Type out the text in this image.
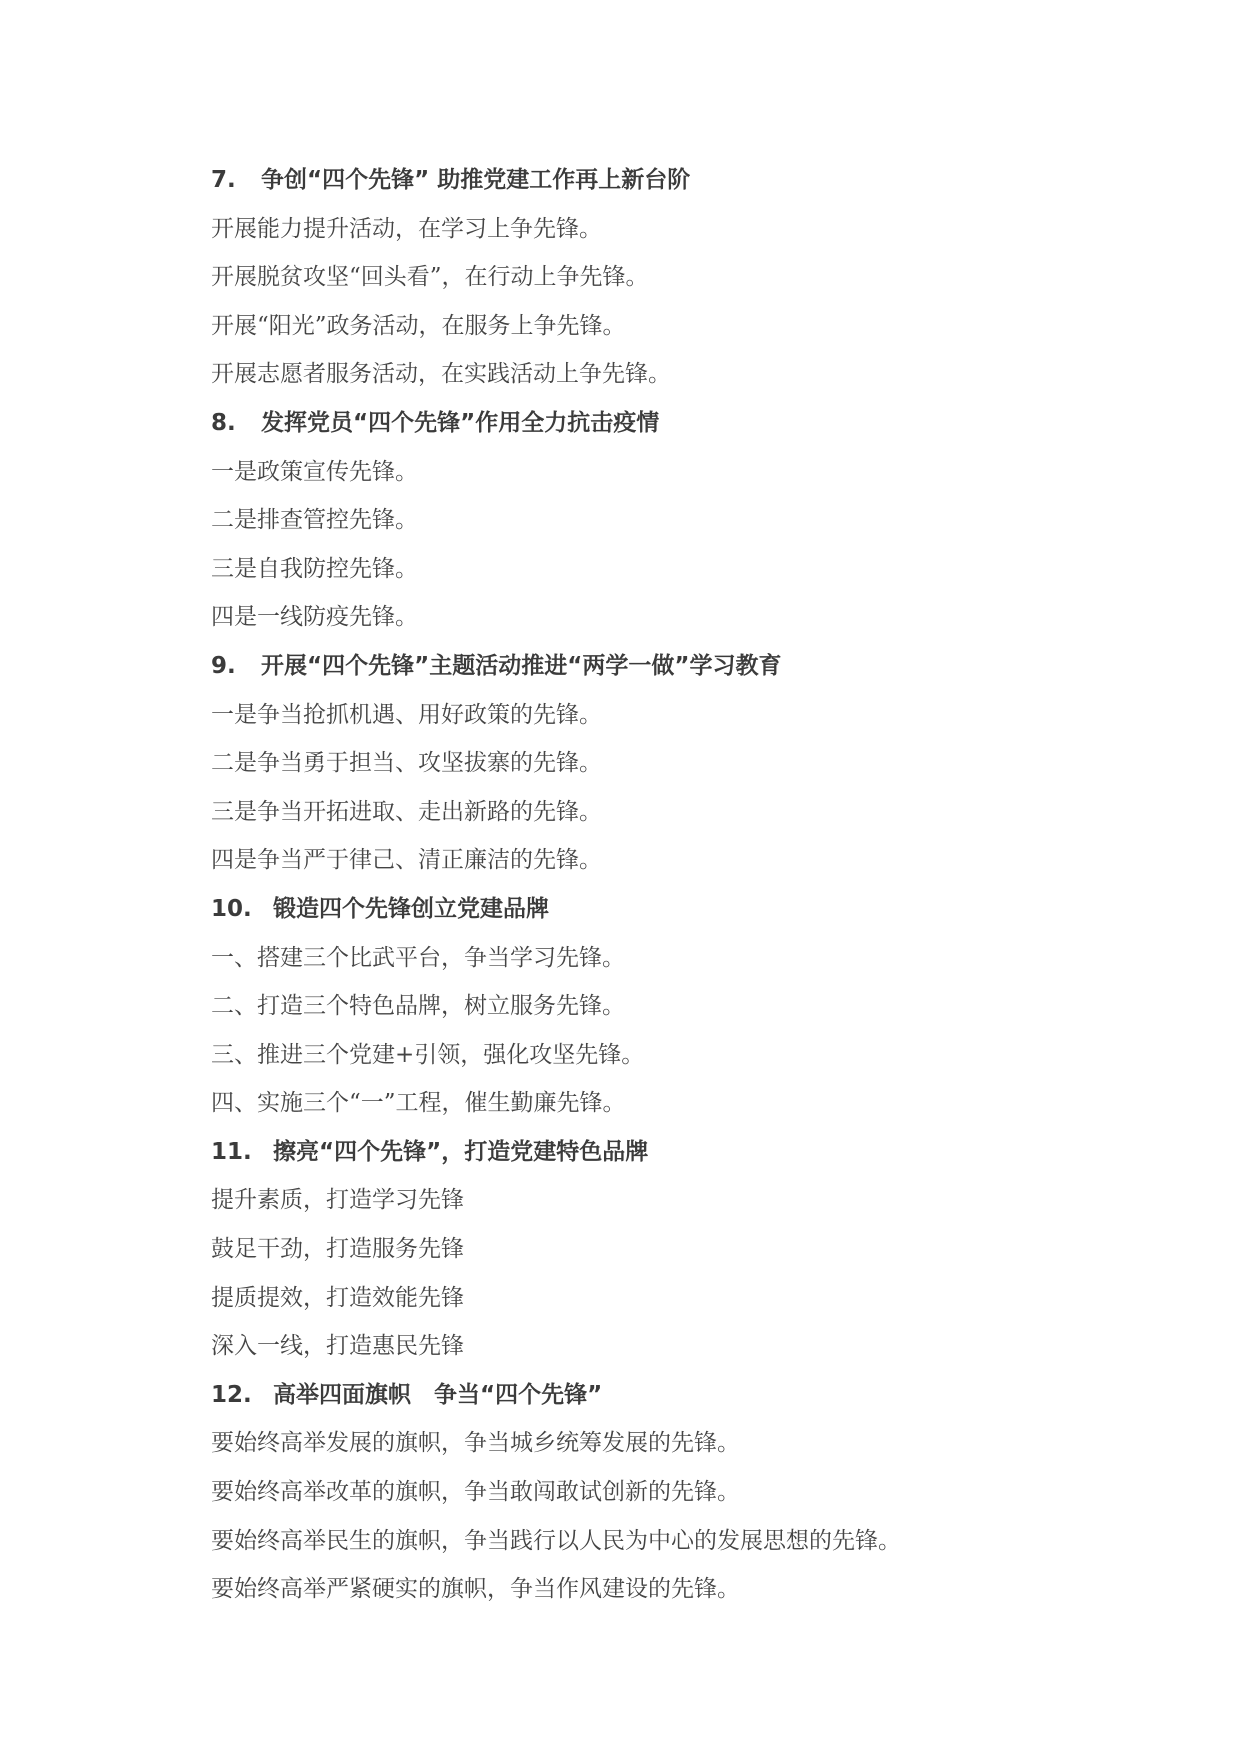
7. 争创“四个先锋” 助推党建工作再上新台阶
开展能力提升活动，在学习上争先锋。
开展脱贫攻坚“回头看”，在行动上争先锋。
开展“阳光”政务活动，在服务上争先锋。
开展志愿者服务活动，在实践活动上争先锋。
8. 发挥党员“四个先锋”作用全力抗击疫情
一是政策宣传先锋。
二是排查管控先锋。
三是自我防控先锋。
四是一线防疫先锋。
9. 开展“四个先锋”主题活动推进“两学一做”学习教育
一是争当抢抓机遇、用好政策的先锋。
二是争当勇于担当、攻坚拔寨的先锋。
三是争当开拓进取、走出新路的先锋。
四是争当严于律己、清正廉洁的先锋。
10. 锻造四个先锋创立党建品牌
一、搭建三个比武平台，争当学习先锋。
二、打造三个特色品牌，树立服务先锋。
三、推进三个党建+引领，强化攻坚先锋。
四、实施三个“一”工程，催生勤廉先锋。
11. 擦亮“四个先锋”，打造党建特色品牌
提升素质，打造学习先锋
鼓足干劲，打造服务先锋
提质提效，打造效能先锋
深入一线，打造惠民先锋
12. 高举四面旗帜　争当“四个先锋”
要始终高举发展的旗帜，争当城乡统筹发展的先锋。
要始终高举改革的旗帜，争当敢闯敢试创新的先锋。
要始终高举民生的旗帜，争当践行以人民为中心的发展思想的先锋。
要始终高举严紧硬实的旗帜，争当作风建设的先锋。
